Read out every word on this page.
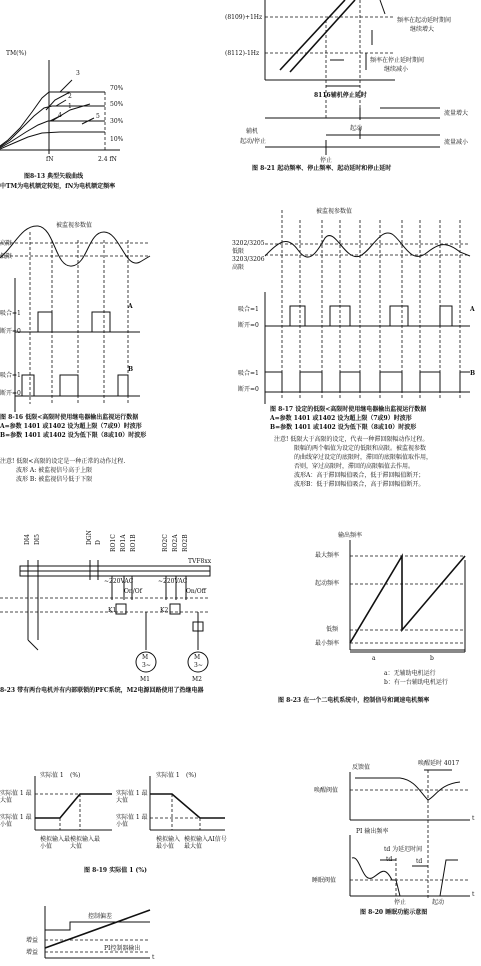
TM(%)
3
2
5
1
4
70%
50%
30%
10%
fN	2.4 fN
图8-13 典型矢载曲线
中TM为电机额定转矩，fN为电机额定频率
(8109)+1Hz
(8112)-1Hz
频率在起动延时期间
继续增大
频率在停止延时期间
继续减小
8116辅机停止延时
流量增大
流量减小
起动
辅机
起动/停止
停止
图 8-21 起动频率、停止频率、起动延时和停止延时
被监视参数值
高限
低限
吸合=1
断开=0
A
吸合=1
断开=0
B
图 8-16 低限<高限时使用继电器输出监视运行数据
A=参数 1401 或1402 设为超上限（7或9）时波形
B=参数 1401 或1402 设为低下限（8或10）时波形
注意! 低限<高限的设定是一种正常的动作过程.
波形 A: 被监视信号高于上限
波形 B: 被监视信号低于下限
被监视参数值
3202/3205
低限
3203/3206
高限
吸合=1
断开=0
A
吸合=1
断开=0
B
图 8-17 设定的低限<高限时使用继电器输出监视运行数据
A=参数 1401 或1402 设为超上限（7或9）时波形
B=参数 1401 或1402 设为低下限（8或10）时波形
注意! 低限大于高限的设定，代表一种滞回限幅动作过程。
限幅的两个幅值为设定的低限和高限。被监视参数
的曲线穿过设定的底限时，滞回的底限幅值取作用，
否则，穿过高限时，滞回的高限幅值去作用。
波形A：高于滞回幅值吸合，低于滞回幅值断开；
波形B：低于滞回幅值吸合，高于滞回幅值断开。
DI4 DI5	DGN D RO1C RO1A RO1B	RO2C RO2A RO2B
TVF8xx
~220VAC	~220VAC
On/Of	On/Off
K1	K2
M
3~
M
3~
M1	M2
8-23 带有两台电机并有内部联锁的PFC系统，M2电源回路使用了热继电器
输出频率
最大频率
起动频率
低频
最小频率
a	b
a：无辅助电机运行
b：有一台辅助电机运行
图 8-23 在一个二电机系统中，控制信号和调速电机频率
实际值 1 (%)
实际值 1 最大值
实际值 1 最小值
模拟输入最小值
模拟输入最大值
实际值 1 (%)
实际值 1 最大值
实际值 1 最小值
模拟输入最小值
模拟输入最大值
AI信号
图 8-19 实际值 1 (%)
反馈值
唤醒延时 4017
唤醒阀值
t
PI 输出频率
td 为延迟时间
td	td
睡眠阀值
停止	起动
t
图 8-20 睡眠功能示意图
控制偏差
增益
增益
PI控制器输出
t
